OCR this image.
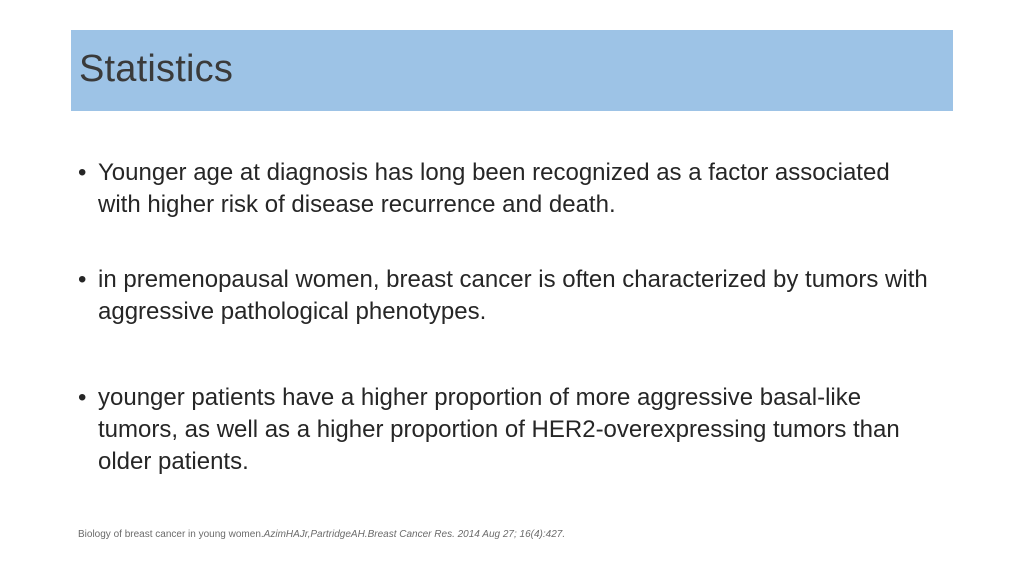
Statistics
• Younger age at diagnosis has long been recognized as a factor associated with higher risk of disease recurrence and death.
• in premenopausal women, breast cancer is often characterized by tumors with aggressive pathological phenotypes.
• younger patients have a higher proportion of more aggressive basal-like tumors, as well as a higher proportion of HER2-overexpressing tumors than older patients.
Biology of breast cancer in young women.AzimHAJr,PartridgeAH.Breast Cancer Res. 2014 Aug 27; 16(4):427.
